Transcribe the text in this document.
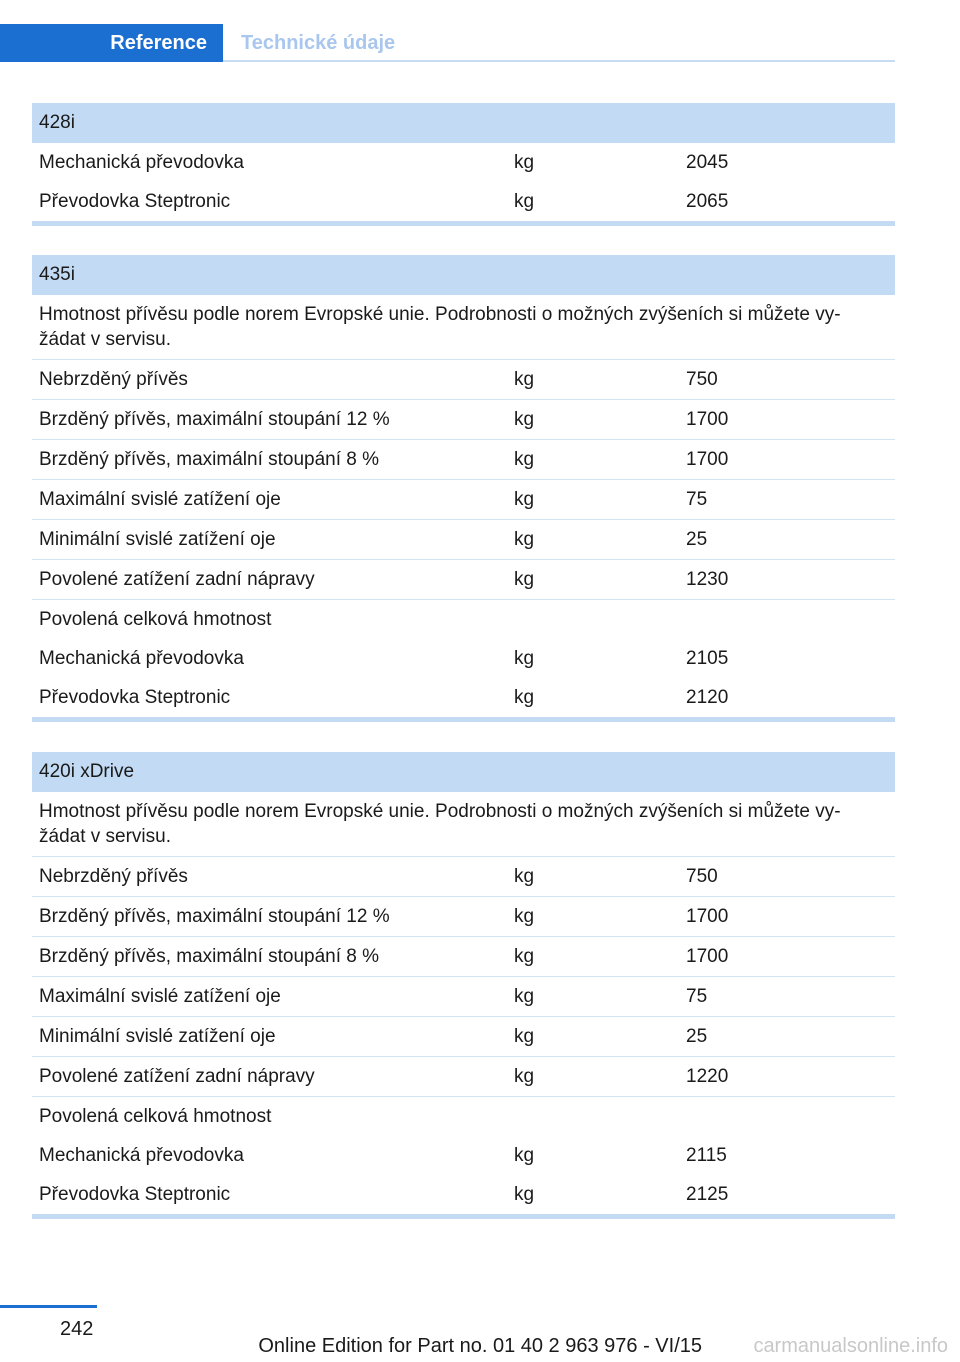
Reference	Technické údaje
428i
Mechanická převodovka	kg	2045
Převodovka Steptronic	kg	2065
435i
Hmotnost přívěsu podle norem Evropské unie. Podrobnosti o možných zvýšeních si můžete vy‐žádat v servisu.
Nebrzděný přívěs	kg	750
Brzděný přívěs, maximální stoupání 12 %	kg	1700
Brzděný přívěs, maximální stoupání 8 %	kg	1700
Maximální svislé zatížení oje	kg	75
Minimální svislé zatížení oje	kg	25
Povolené zatížení zadní nápravy	kg	1230
Povolená celková hmotnost
Mechanická převodovka	kg	2105
Převodovka Steptronic	kg	2120
420i xDrive
Hmotnost přívěsu podle norem Evropské unie. Podrobnosti o možných zvýšeních si můžete vy‐žádat v servisu.
Nebrzděný přívěs	kg	750
Brzděný přívěs, maximální stoupání 12 %	kg	1700
Brzděný přívěs, maximální stoupání 8 %	kg	1700
Maximální svislé zatížení oje	kg	75
Minimální svislé zatížení oje	kg	25
Povolené zatížení zadní nápravy	kg	1220
Povolená celková hmotnost
Mechanická převodovka	kg	2115
Převodovka Steptronic	kg	2125
242
Online Edition for Part no. 01 40 2 963 976 - VI/15	carmanualsonline.info
